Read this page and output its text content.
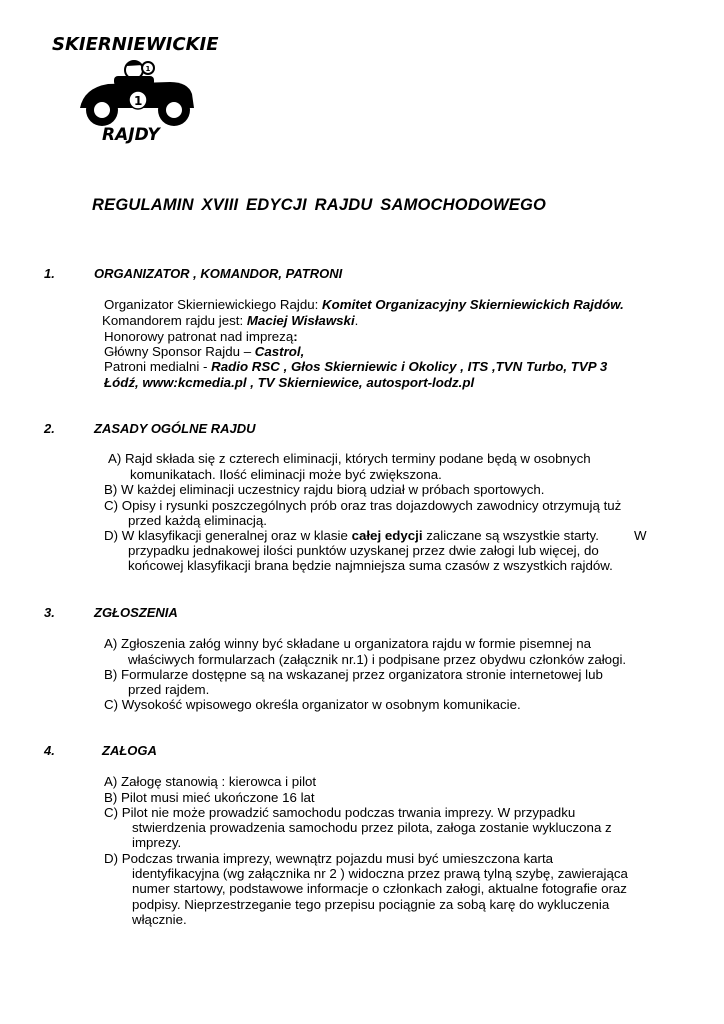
SKIERNIEWICKIE
1
1
RAJDY
REGULAMIN XVIII EDYCJI RAJDU SAMOCHODOWEGO
1.	ORGANIZATOR , KOMANDOR, PATRONI
Organizator Skierniewickiego Rajdu: Komitet Organizacyjny Skierniewickich Rajdów.
Komandorem rajdu jest: Maciej Wisławski.
Honorowy patronat nad imprezą:
Główny Sponsor Rajdu – Castrol,
Patroni medialni - Radio RSC , Głos Skierniewic i Okolicy , ITS ,TVN Turbo, TVP 3
Łódź, www:kcmedia.pl , TV Skierniewice, autosport-lodz.pl
2.	ZASADY OGÓLNE RAJDU
A) Rajd składa się z czterech eliminacji, których terminy podane będą w osobnych
komunikatach. Ilość eliminacji może być zwiększona.
B) W każdej eliminacji uczestnicy rajdu biorą udział w próbach sportowych.
C) Opisy i rysunki poszczególnych prób oraz tras dojazdowych zawodnicy otrzymują tuż
przed każdą eliminacją.
D) W klasyfikacji generalnej oraz w klasie całej edycji zaliczane są wszystkie starty.	W
przypadku jednakowej ilości punktów uzyskanej przez dwie załogi lub więcej, do
końcowej klasyfikacji brana będzie najmniejsza suma czasów z wszystkich rajdów.
3.	ZGŁOSZENIA
A) Zgłoszenia załóg winny być składane u organizatora rajdu w formie pisemnej na
właściwych formularzach (załącznik nr.1) i podpisane przez obydwu członków załogi.
B) Formularze dostępne są na wskazanej przez organizatora stronie internetowej lub
przed rajdem.
C) Wysokość wpisowego określa organizator w osobnym komunikacie.
4.	ZAŁOGA
A) Załogę stanowią : kierowca i pilot
B) Pilot musi mieć ukończone 16 lat
C) Pilot nie może prowadzić samochodu podczas trwania imprezy. W przypadku
stwierdzenia prowadzenia samochodu przez pilota, załoga zostanie wykluczona z
imprezy.
D) Podczas trwania imprezy, wewnątrz pojazdu musi być umieszczona karta
identyfikacyjna (wg załącznika nr 2 ) widoczna przez prawą tylną szybę, zawierająca
numer startowy, podstawowe informacje o członkach załogi, aktualne fotografie oraz
podpisy. Nieprzestrzeganie tego przepisu pociągnie za sobą karę do wykluczenia
włącznie.
